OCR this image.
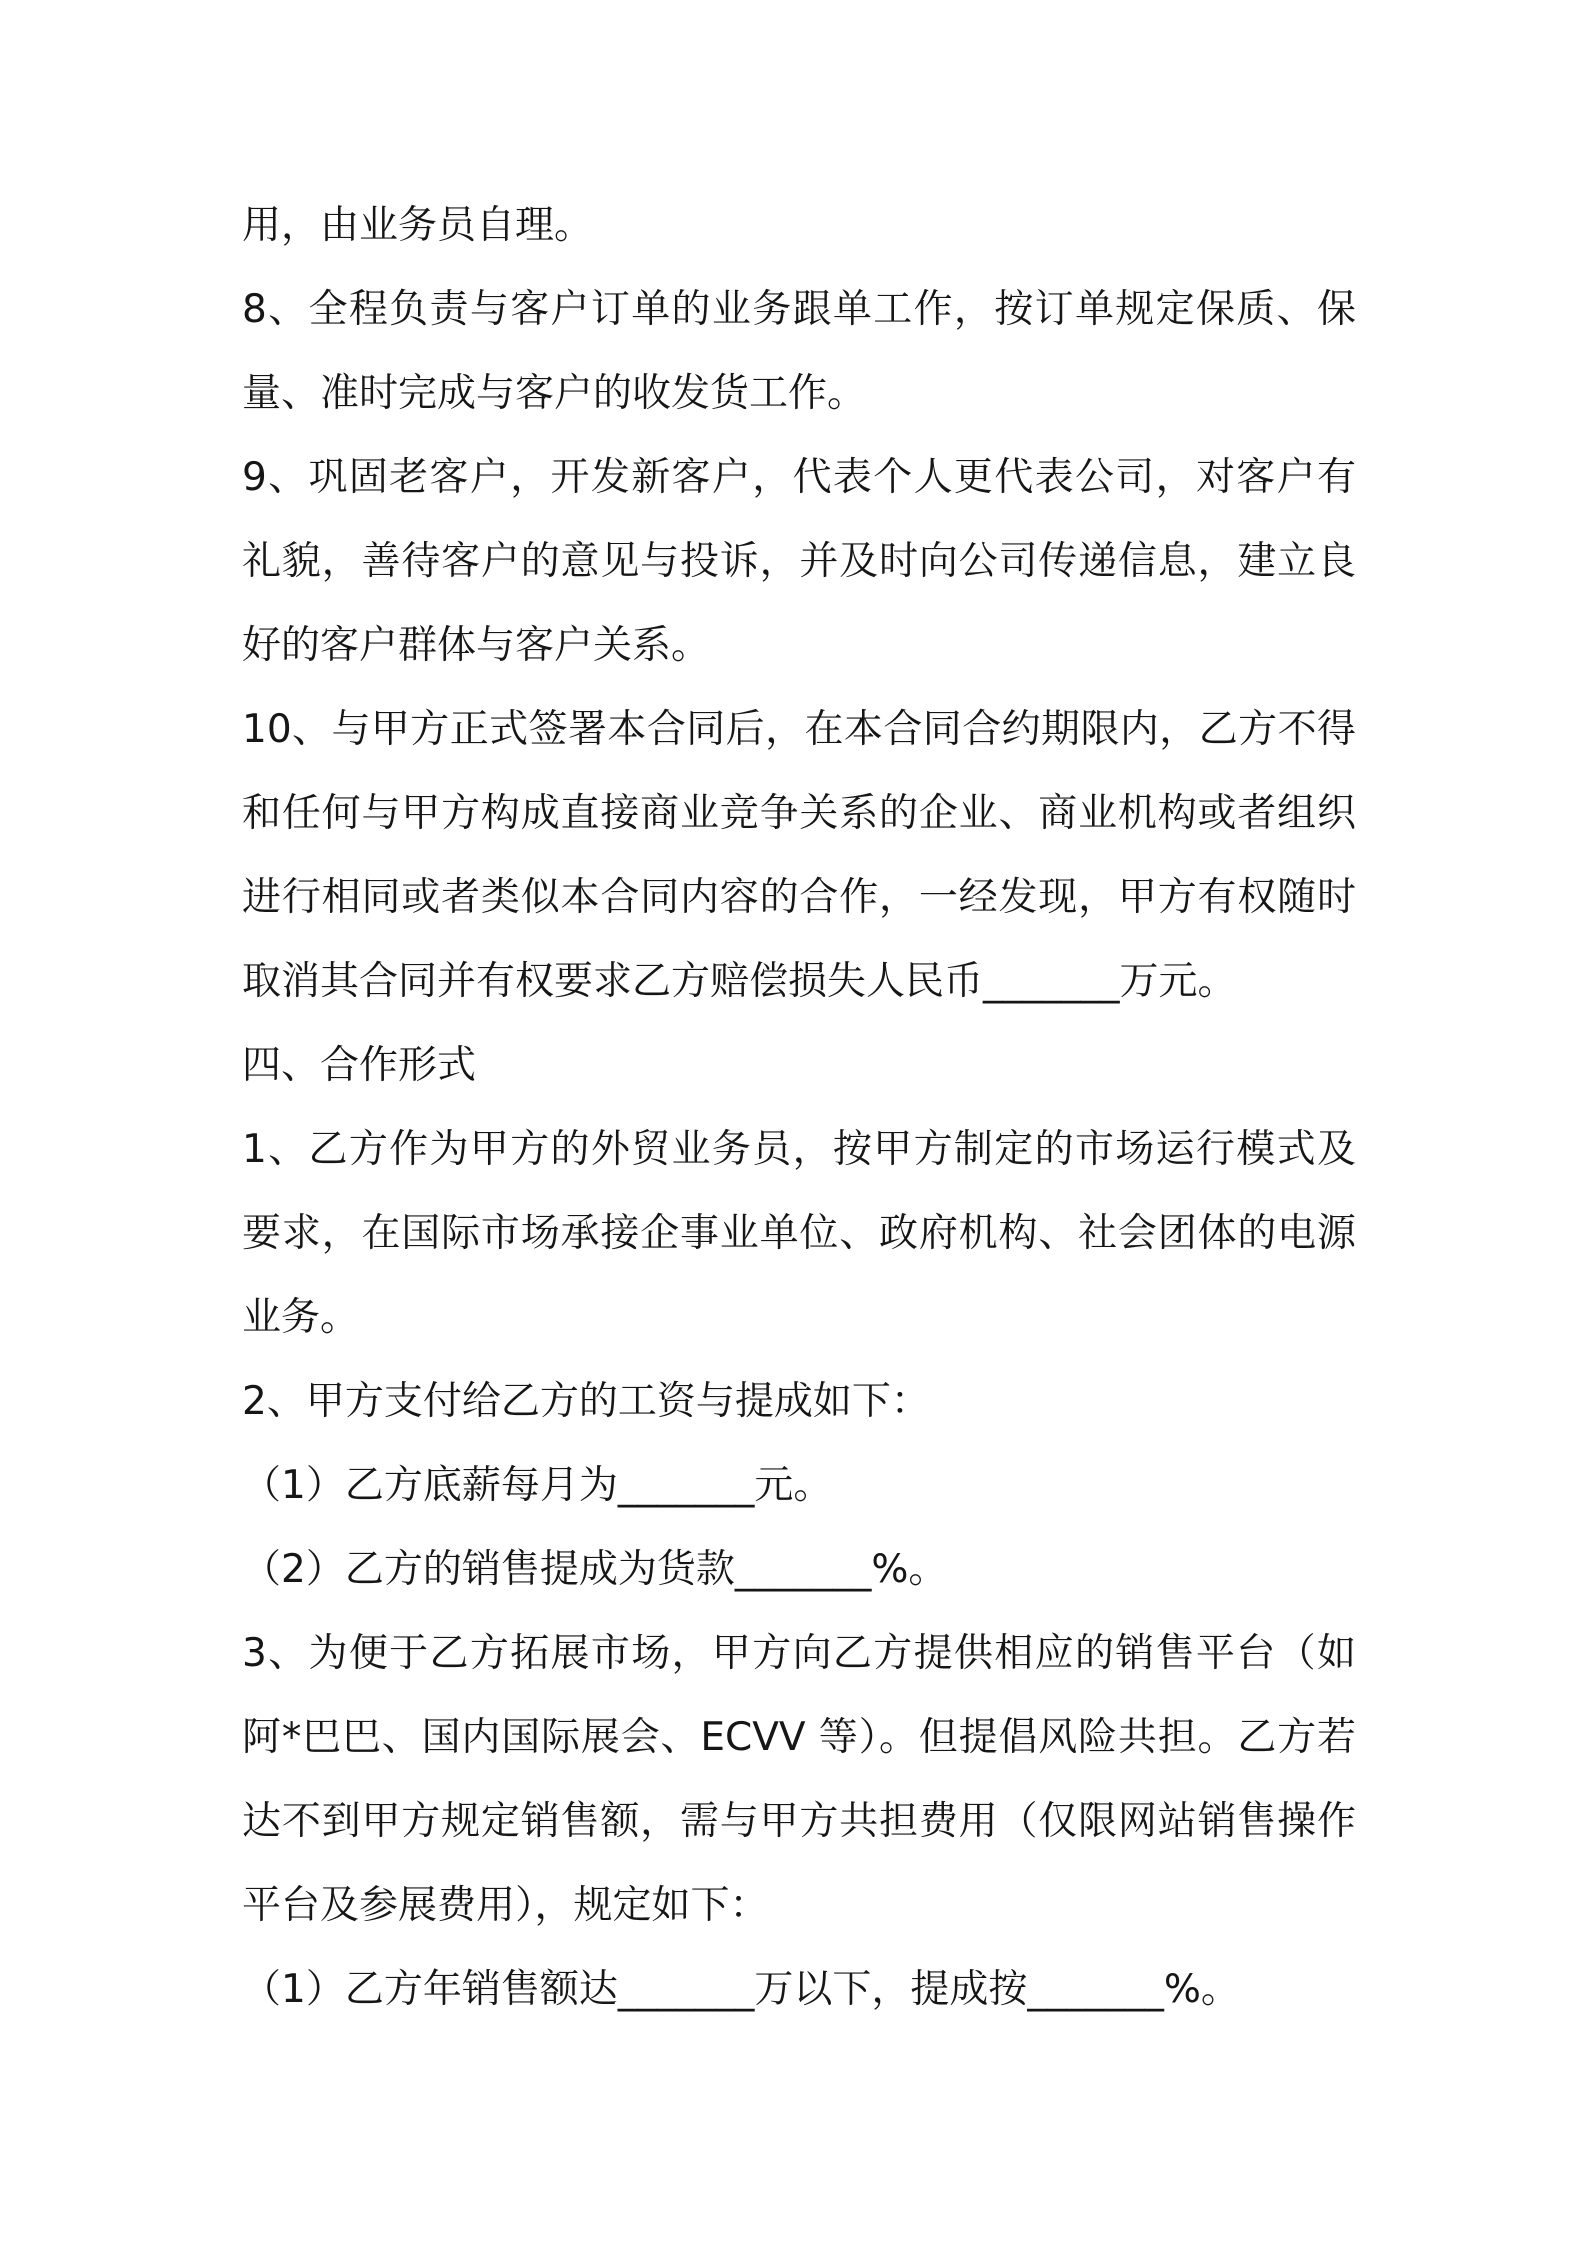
用，由业务员自理。
8、全程负责与客户订单的业务跟单工作，按订单规定保质、保
量、准时完成与客户的收发货工作。
9、巩固老客户，开发新客户，代表个人更代表公司，对客户有
礼貌，善待客户的意见与投诉，并及时向公司传递信息，建立良
好的客户群体与客户关系。
10、与甲方正式签署本合同后，在本合同合约期限内，乙方不得
和任何与甲方构成直接商业竞争关系的企业、商业机构或者组织
进行相同或者类似本合同内容的合作，一经发现，甲方有权随时
取消其合同并有权要求乙方赔偿损失人民币_______万元。
四、合作形式
1、乙方作为甲方的外贸业务员，按甲方制定的市场运行模式及
要求，在国际市场承接企事业单位、政府机构、社会团体的电源
业务。
2、甲方支付给乙方的工资与提成如下：
（1）乙方底薪每月为_______元。
（2）乙方的销售提成为货款_______%。
3、为便于乙方拓展市场，甲方向乙方提供相应的销售平台（如
阿*巴巴、国内国际展会、ECVV 等）。但提倡风险共担。乙方若
达不到甲方规定销售额，需与甲方共担费用（仅限网站销售操作
平台及参展费用），规定如下：
（1）乙方年销售额达_______万以下，提成按_______%。
